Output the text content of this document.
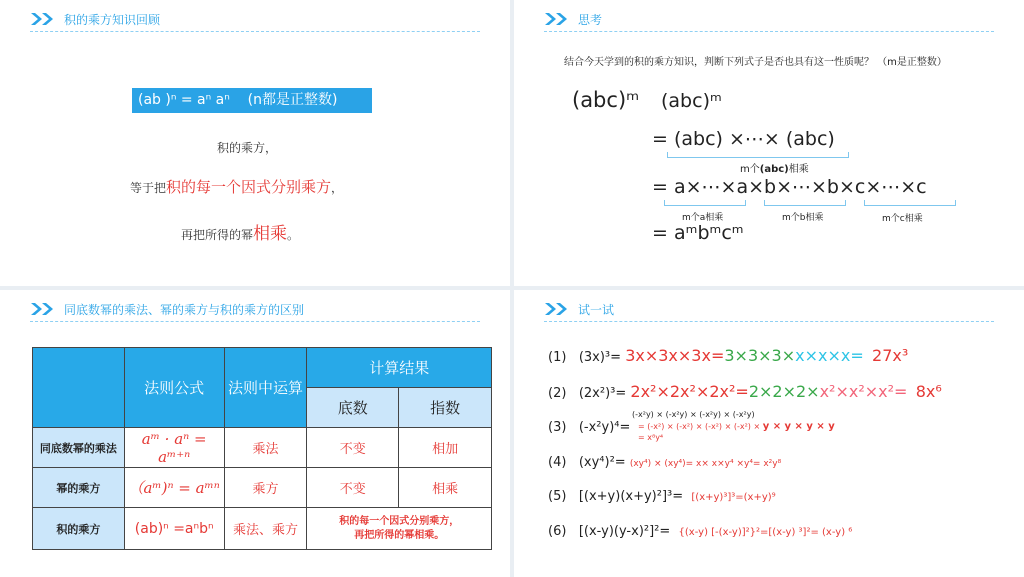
积的乘方知识回顾
(ab )ⁿ = aⁿ aⁿ    (n都是正整数)
积的乘方，
等于把积的每一个因式分别乘方，
再把所得的幂相乘。
思考
结合今天学到的积的乘方知识，判断下列式子是否也具有这一性质呢？ （m是正整数）
(abc)ᵐ (abc)ᵐ
= (abc) ×⋯× (abc)
m个(abc)相乘
= a×⋯×a×b×⋯×b×c×⋯×c
m个a相乘	m个b相乘	m个c相乘
= aᵐbᵐcᵐ
同底数幂的乘法、幂的乘方与积的乘方的区别
	法则公式	法则中运算	计算结果	
			底数	指数
同底数幂的乘法	aᵐ · aⁿ = aᵐ⁺ⁿ	乘法	不变	相加
幂的乘方	（aᵐ)ⁿ = aᵐⁿ	乘方	不变	相乘
积的乘方	(ab)ⁿ =aⁿbⁿ	乘法、乘方	积的每一个因式分别乘方，
再把所得的幂相乘。	
试一试
(1) (3x)³= 3x×3x×3x=3×3×3×x×x×x= 27x³
(2) (2x²)³= 2x²×2x²×2x²=2×2×2×x²×x²×x²= 8x⁶
(3) (-x²y)⁴=
(-x²y) × (-x²y) × (-x²y) × (-x²y)
= (-x²) × (-x²) × (-x²) × (-x²) × y × y × y × y
= x⁸y⁴
(4) (xy⁴)²= (xy⁴) × (xy⁴)= x× x×y⁴ ×y⁴= x²y⁸
(5) [(x+y)(x+y)²]³= [(x+y)³]³=(x+y)⁹
(6) [(x-y)(y-x)²]²= {(x-y) [-(x-y)]²}²=[(x-y) ³]²= (x-y) ⁶
